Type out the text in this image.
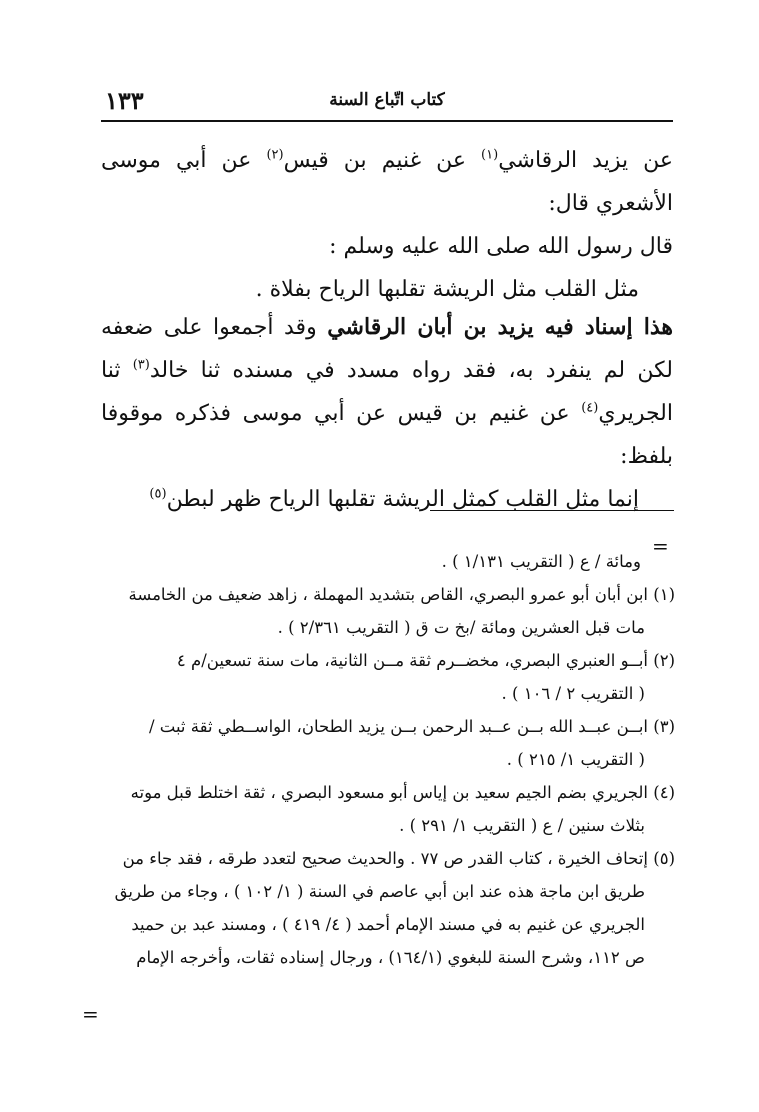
١٣٣	كتاب اتّباع السنة
عن يزيد الرقاشي$^{(١)}$ عن غنيم بن قيس$^{(٢)}$ عن أبي موسى الأشعري قال:
قال رسول الله صلى الله عليه وسلم :
مثل القلب مثل الريشة تقلبها الرياح بفلاة .
هذا إسناد فيه يزيد بن أبان الرقاشي وقد أجمعوا على ضعفه لكن لم ينفرد به، فقد رواه مسدد في مسنده ثنا خالد$^{(٣)}$ ثنا الجريري$^{(٤)}$ عن غنيم بن قيس عن أبي موسى فذكره موقوفا بلفظ:
إنما مثل القلب كمثل الريشة تقلبها الرياح ظهر لبطن$^{(٥)}$
=

ومائة / ع ( التقريب ١/١٣١ ) .

(١) ابن أبان أبو عمرو البصري، القاص بتشديد المهملة ، زاهد ضعيف من الخامسة

مات قبل العشرين ومائة /بخ ت ق ( التقريب ٢/٣٦١ ) .

(٢) أبــو العنبري البصري، مخضــرم ثقة مــن الثانية، مات سنة تسعين/م ٤

( التقريب ٢ / ١٠٦ ) .

(٣) ابــن عبــد الله بــن عــبد الرحمن بــن يزيد الطحان، الواســطي ثقة ثبت /

( التقريب ١/ ٢١٥ ) .

(٤) الجريري بضم الجيم سعيد بن إياس أبو مسعود البصري ، ثقة اختلط قبل موته

بثلاث سنين / ع ( التقريب ١/ ٢٩١ ) .

(٥) إتحاف الخيرة ، كتاب القدر ص ٧٧ . والحديث صحيح لتعدد طرقه ، فقد جاء من

طريق ابن ماجة هذه عند ابن أبي عاصم في السنة ( ١/ ١٠٢ ) ، وجاء من طريق

الجريري عن غنيم به في مسند الإمام أحمد ( ٤/ ٤١٩ ) ، ومسند عبد بن حميد

ص ١١٢، وشرح السنة للبغوي (١٦٤/١) ، ورجال إسناده ثقات، وأخرجه الإمام

=
